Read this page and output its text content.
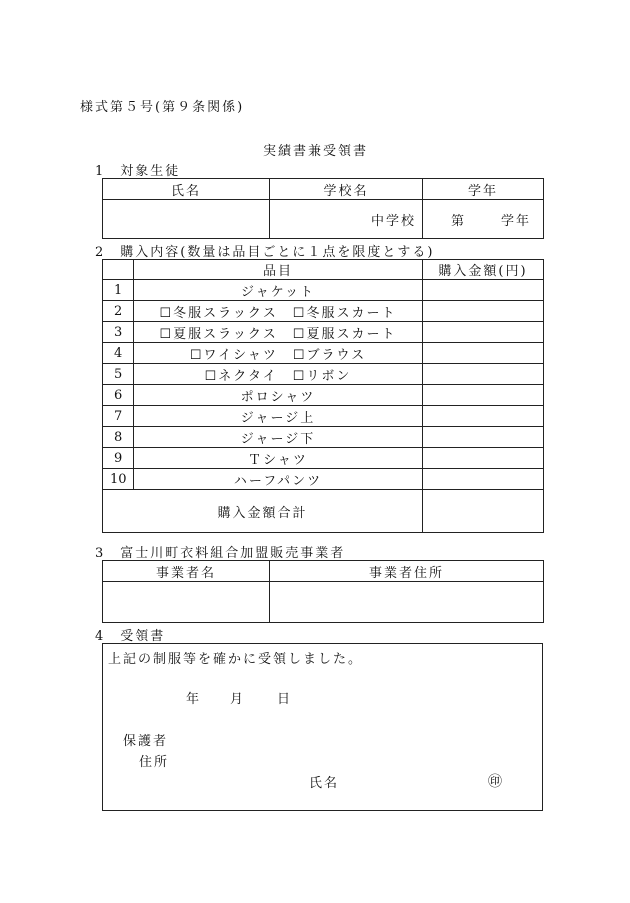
様式第５号(第９条関係)
実績書兼受領書
1　対象生徒
氏名	学校名	学年
	中学校	第 学年
2　購入内容(数量は品目ごとに１点を限度とする)
	品目	購入金額(円)
1	ジャケット	
2	☐冬服スラックス　☐冬服スカート	
3	☐夏服スラックス　☐夏服スカート	
4	☐ワイシャツ　☐ブラウス	
5	☐ネクタイ　☐リボン	
6	ポロシャツ	
7	ジャージ上	
8	ジャージ下	
9	Ｔシャツ	
10	ハーフパンツ	
購入金額合計		
3　富士川町衣料組合加盟販売事業者
事業者名	事業者住所

4　受領書
上記の制服等を確かに受領しました。
年 月	日
保護者
住所
氏名	㊞
